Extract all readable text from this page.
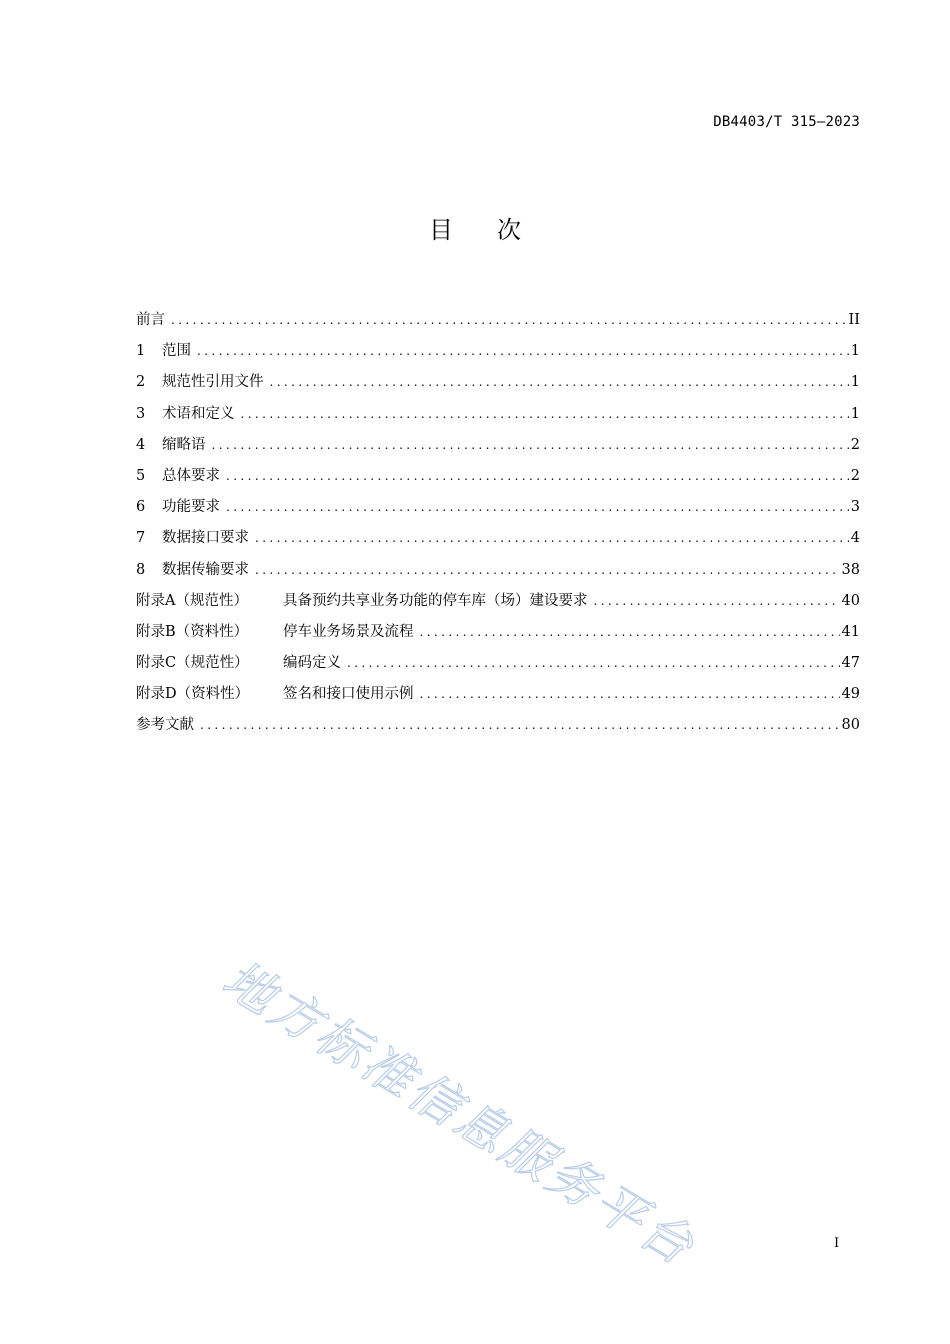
DB4403/T 315—2023
目次
前言 .....	II
1 范围 .....	1
2 规范性引用文件 .....	1
3 术语和定义 .....	1
4 缩略语 .....	2
5 总体要求 .....	2
6 功能要求 .....	3
7 数据接口要求 .....	4
8 数据传输要求 .....	38
附录A（规范性） 具备预约共享业务功能的停车库（场）建设要求 .....	40
附录B（资料性） 停车业务场景及流程 .....	41
附录C（规范性） 编码定义 .....	47
附录D（资料性） 签名和接口使用示例 .....	49
参考文献 .....	80
地方标准信息服务平台	I
